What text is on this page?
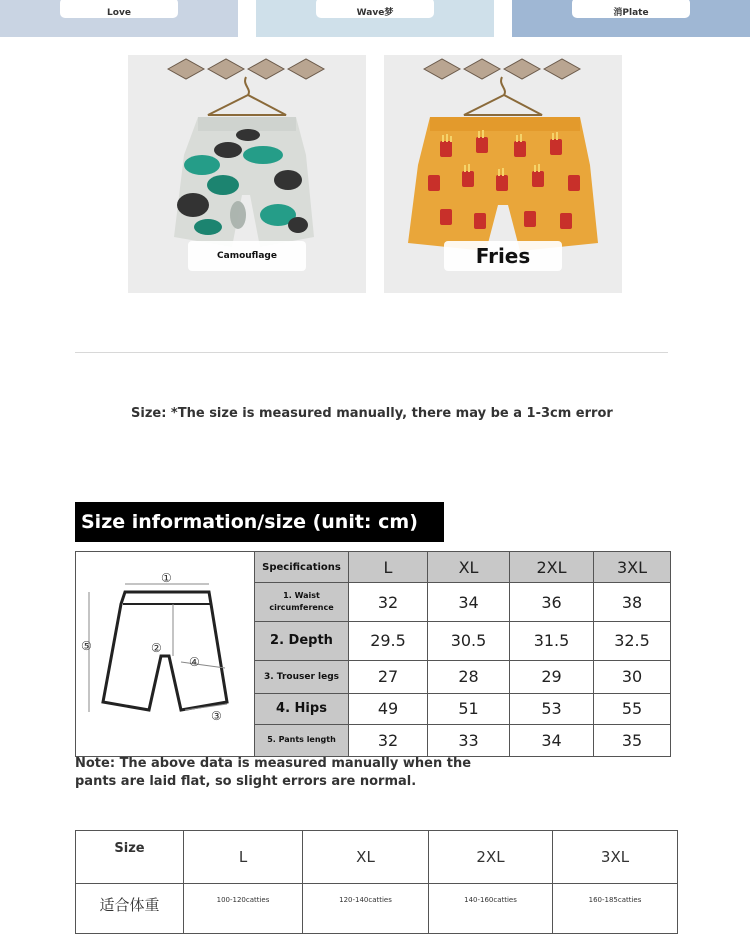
Love	Wave梦	消Plate
Camouflage	Fries
Size: *The size is measured manually, there may be a 1-3cm error
Size information/size (unit: cm)
①
②
③
④
⑤	Specifications	L	XL	2XL	3XL
	1. Waist circumference	32	34	36	38
	2. Depth	29.5	30.5	31.5	32.5
	3. Trouser legs	27	28	29	30
	4. Hips	49	51	53	55
	5. Pants length	32	33	34	35
Note: The above data is measured manually when the pants are laid flat, so slight errors are normal.
Size	L	XL	2XL	3XL
适合体重	100-120catties	120-140catties	140-160catties	160-185catties
